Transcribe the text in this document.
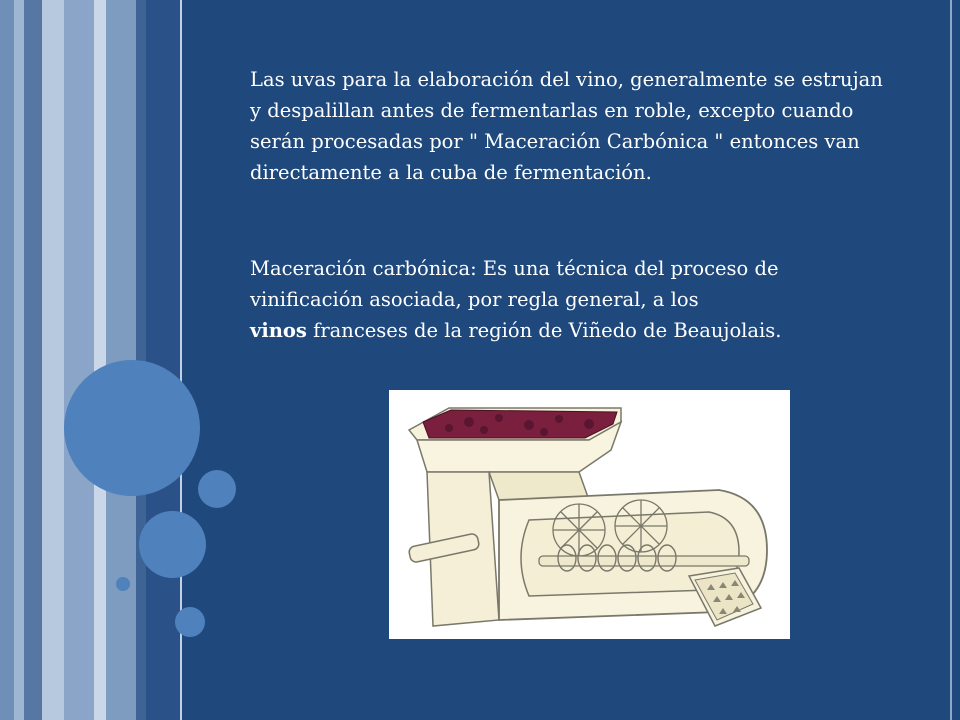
Las uvas para la elaboración del vino, generalmente se estrujan y despalillan antes de fermentarlas en roble, excepto cuando serán procesadas por " Maceración Carbónica " entonces van directamente a la cuba de fermentación.

Maceración carbónica: Es una técnica del proceso de vinificación asociada, por regla general, a los
vinos franceses de la región de Viñedo de Beaujolais.
